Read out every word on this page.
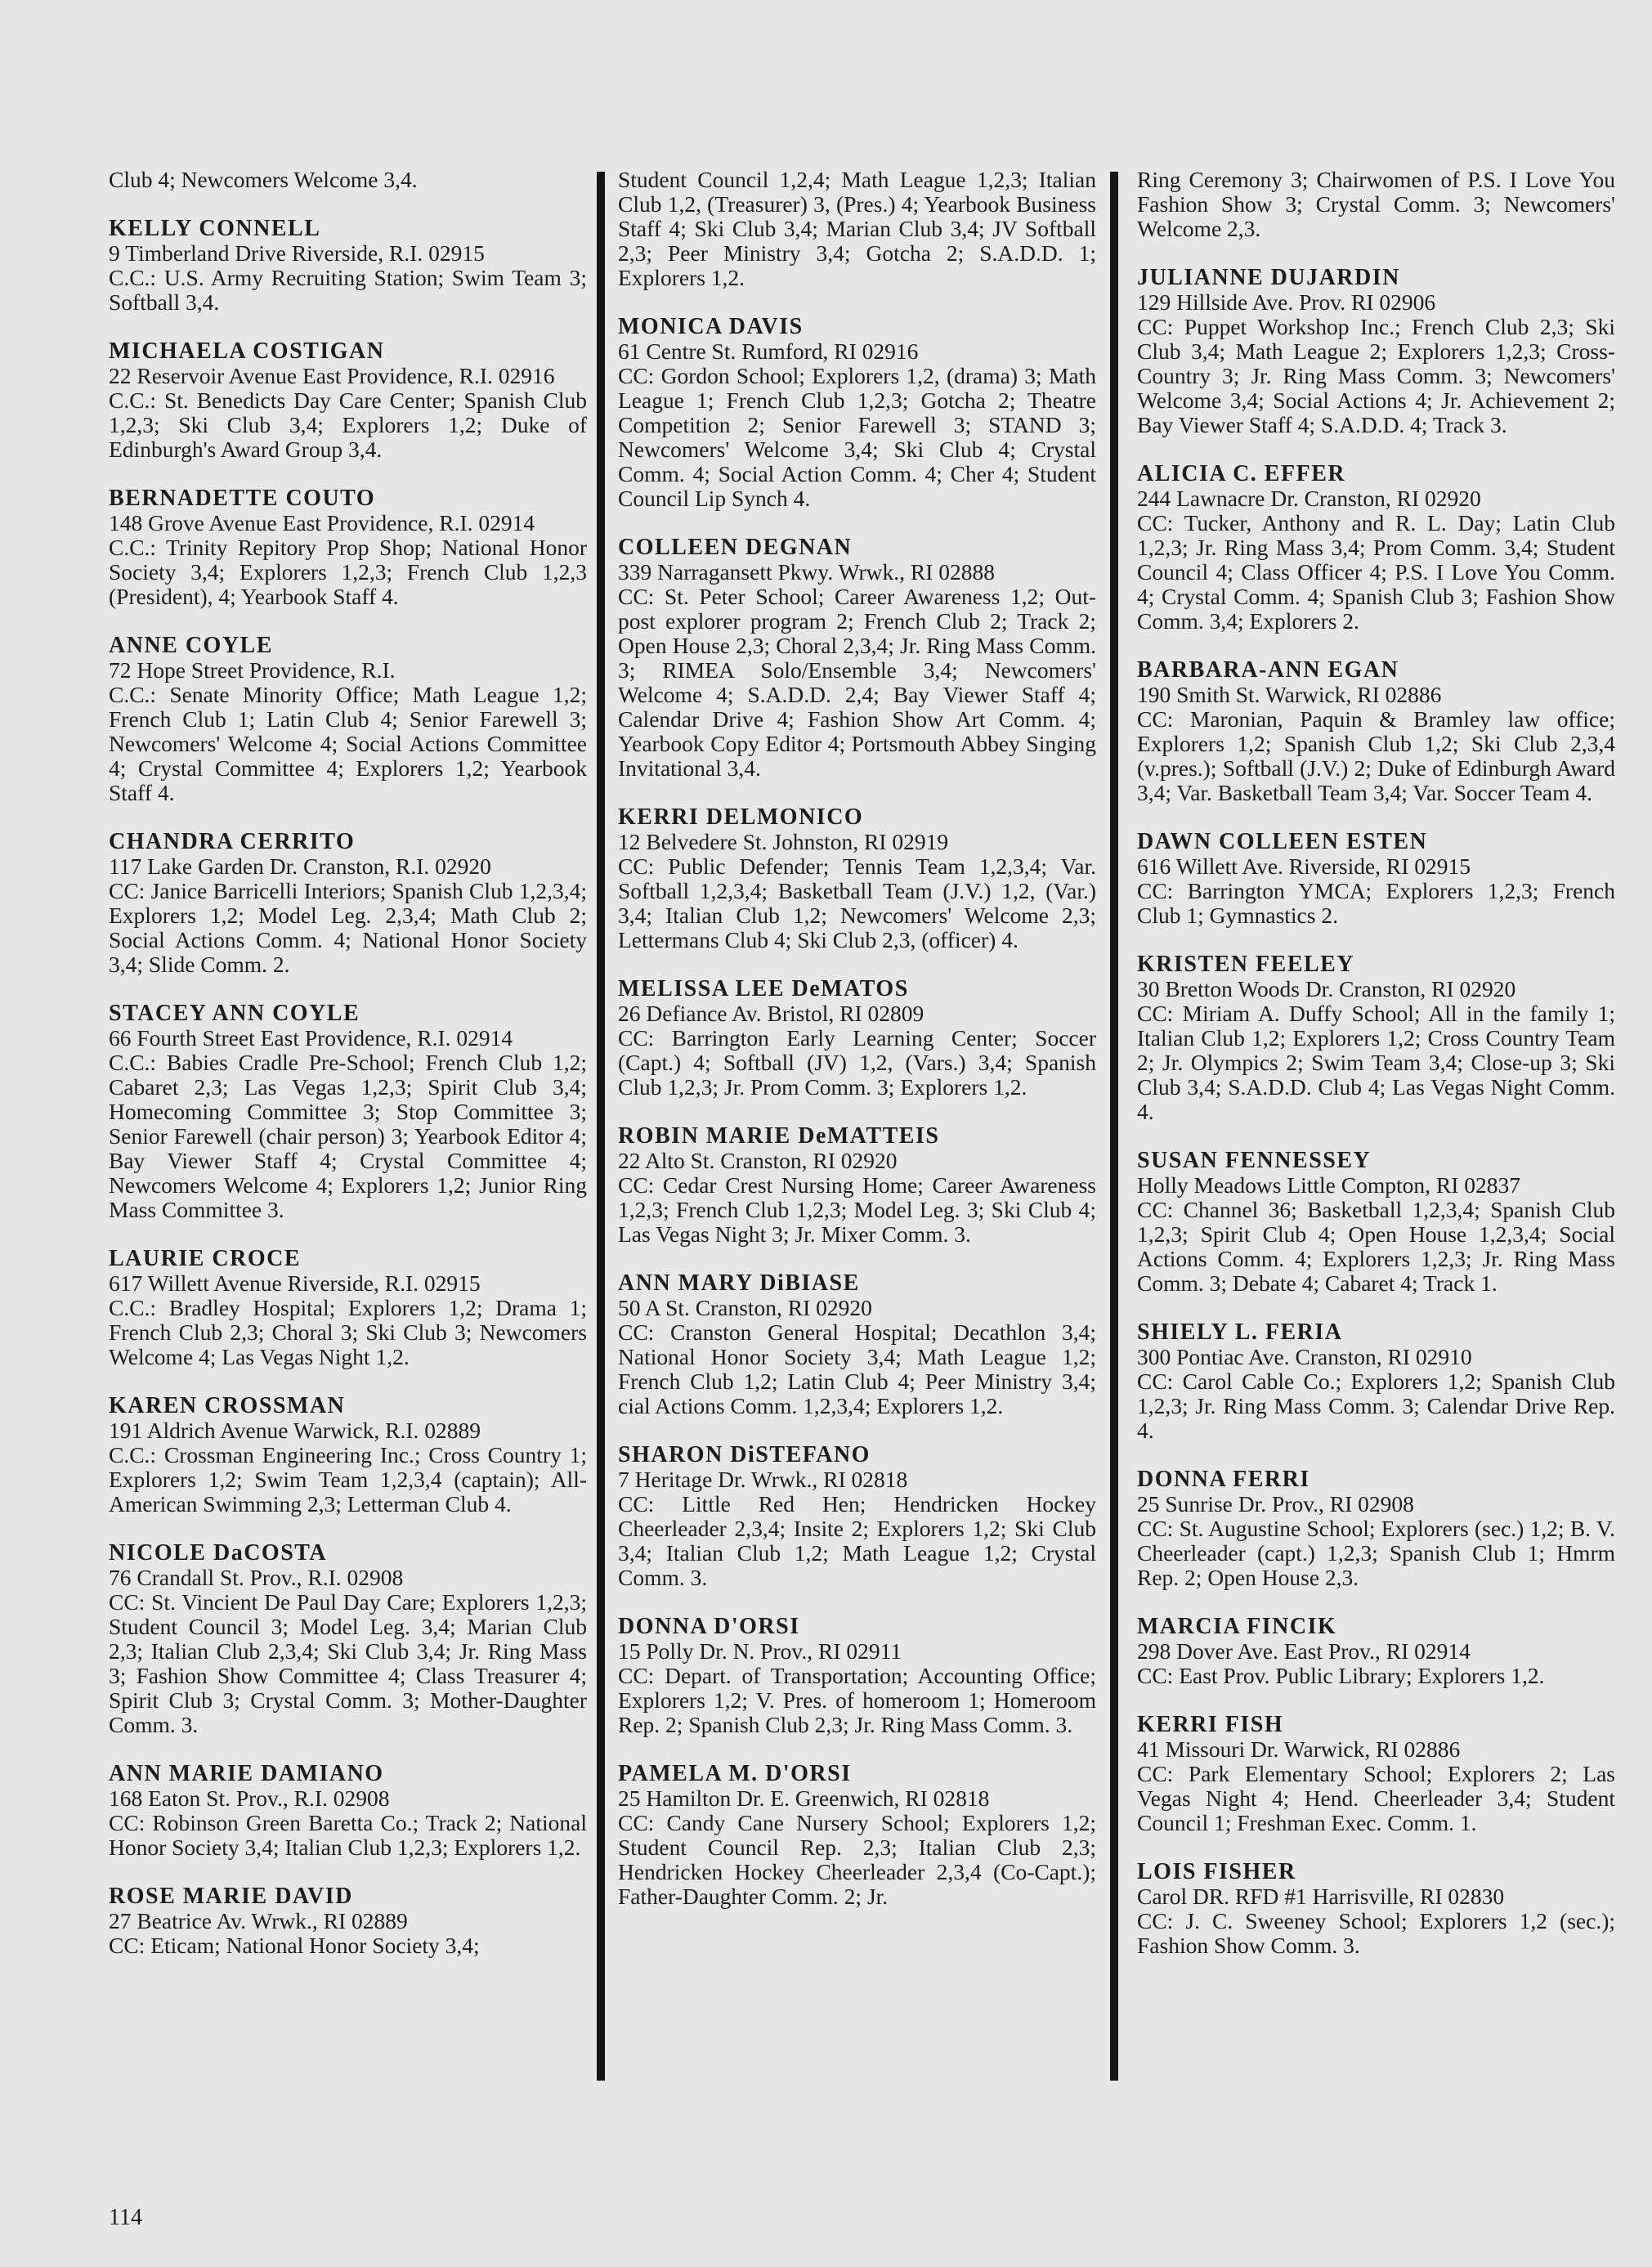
Club 4; Newcomers Welcome 3,4.
KELLY CONNELL
9 Timberland Drive Riverside, R.I. 02915
C.C.: U.S. Army Recruiting Station; Swim Team 3; Softball 3,4.
MICHAELA COSTIGAN
22 Reservoir Avenue East Providence, R.I. 02916
C.C.: St. Benedicts Day Care Center; Spanish Club 1,2,3; Ski Club 3,4; Explorers 1,2; Duke of Edinburgh's Award Group 3,4.
BERNADETTE COUTO
148 Grove Avenue East Providence, R.I. 02914
C.C.: Trinity Repitory Prop Shop; National Honor Society 3,4; Explorers 1,2,3; French Club 1,2,3 (President), 4; Yearbook Staff 4.
ANNE COYLE
72 Hope Street Providence, R.I.
C.C.: Senate Minority Office; Math League 1,2; French Club 1; Latin Club 4; Senior Farewell 3; Newcomers' Welcome 4; Social Actions Committee 4; Crystal Committee 4; Explorers 1,2; Yearbook Staff 4.
CHANDRA CERRITO
117 Lake Garden Dr. Cranston, R.I. 02920
CC: Janice Barricelli Interiors; Spanish Club 1,2,3,4; Explorers 1,2; Model Leg. 2,3,4; Math Club 2; Social Actions Comm. 4; National Honor Society 3,4; Slide Comm. 2.
STACEY ANN COYLE
66 Fourth Street East Providence, R.I. 02914
C.C.: Babies Cradle Pre-School; French Club 1,2; Cabaret 2,3; Las Vegas 1,2,3; Spirit Club 3,4; Homecoming Committee 3; Stop Committee 3; Senior Farewell (chair person) 3; Yearbook Editor 4; Bay Viewer Staff 4; Crystal Committee 4; Newcomers Welcome 4; Explorers 1,2; Junior Ring Mass Committee 3.
LAURIE CROCE
617 Willett Avenue Riverside, R.I. 02915
C.C.: Bradley Hospital; Explorers 1,2; Drama 1; French Club 2,3; Choral 3; Ski Club 3; Newcomers Welcome 4; Las Vegas Night 1,2.
KAREN CROSSMAN
191 Aldrich Avenue Warwick, R.I. 02889
C.C.: Crossman Engineering Inc.; Cross Country 1; Explorers 1,2; Swim Team 1,2,3,4 (captain); All-American Swimming 2,3; Letterman Club 4.
NICOLE DaCOSTA
76 Crandall St. Prov., R.I. 02908
CC: St. Vincient De Paul Day Care; Explorers 1,2,3; Student Council 3; Model Leg. 3,4; Marian Club 2,3; Italian Club 2,3,4; Ski Club 3,4; Jr. Ring Mass 3; Fashion Show Committee 4; Class Treasurer 4; Spirit Club 3; Crystal Comm. 3; Mother-Daughter Comm. 3.
ANN MARIE DAMIANO
168 Eaton St. Prov., R.I. 02908
CC: Robinson Green Baretta Co.; Track 2; National Honor Society 3,4; Italian Club 1,2,3; Explorers 1,2.
ROSE MARIE DAVID
27 Beatrice Av. Wrwk., RI 02889
CC: Eticam; National Honor Society 3,4;
Student Council 1,2,4; Math League 1,2,3; Italian Club 1,2, (Treasurer) 3, (Pres.) 4; Yearbook Business Staff 4; Ski Club 3,4; Marian Club 3,4; JV Softball 2,3; Peer Ministry 3,4; Gotcha 2; S.A.D.D. 1; Explorers 1,2.
MONICA DAVIS
61 Centre St. Rumford, RI 02916
CC: Gordon School; Explorers 1,2, (drama) 3; Math League 1; French Club 1,2,3; Gotcha 2; Theatre Competition 2; Senior Farewell 3; STAND 3; Newcomers' Welcome 3,4; Ski Club 4; Crystal Comm. 4; Social Action Comm. 4; Cher 4; Student Council Lip Synch 4.
COLLEEN DEGNAN
339 Narragansett Pkwy. Wrwk., RI 02888
CC: St. Peter School; Career Awareness 1,2; Out-post explorer program 2; French Club 2; Track 2; Open House 2,3; Choral 2,3,4; Jr. Ring Mass Comm. 3; RIMEA Solo/Ensemble 3,4; Newcomers' Welcome 4; S.A.D.D. 2,4; Bay Viewer Staff 4; Calendar Drive 4; Fashion Show Art Comm. 4; Yearbook Copy Editor 4; Portsmouth Abbey Singing Invitational 3,4.
KERRI DELMONICO
12 Belvedere St. Johnston, RI 02919
CC: Public Defender; Tennis Team 1,2,3,4; Var. Softball 1,2,3,4; Basketball Team (J.V.) 1,2, (Var.) 3,4; Italian Club 1,2; Newcomers' Welcome 2,3; Lettermans Club 4; Ski Club 2,3, (officer) 4.
MELISSA LEE DeMATOS
26 Defiance Av. Bristol, RI 02809
CC: Barrington Early Learning Center; Soccer (Capt.) 4; Softball (JV) 1,2, (Vars.) 3,4; Spanish Club 1,2,3; Jr. Prom Comm. 3; Explorers 1,2.
ROBIN MARIE DeMATTEIS
22 Alto St. Cranston, RI 02920
CC: Cedar Crest Nursing Home; Career Awareness 1,2,3; French Club 1,2,3; Model Leg. 3; Ski Club 4; Las Vegas Night 3; Jr. Mixer Comm. 3.
ANN MARY DiBIASE
50 A St. Cranston, RI 02920
CC: Cranston General Hospital; Decathlon 3,4; National Honor Society 3,4; Math League 1,2; French Club 1,2; Latin Club 4; Peer Ministry 3,4; cial Actions Comm. 1,2,3,4; Explorers 1,2.
SHARON DiSTEFANO
7 Heritage Dr. Wrwk., RI 02818
CC: Little Red Hen; Hendricken Hockey Cheerleader 2,3,4; Insite 2; Explorers 1,2; Ski Club 3,4; Italian Club 1,2; Math League 1,2; Crystal Comm. 3.
DONNA D'ORSI
15 Polly Dr. N. Prov., RI 02911
CC: Depart. of Transportation; Accounting Office; Explorers 1,2; V. Pres. of homeroom 1; Homeroom Rep. 2; Spanish Club 2,3; Jr. Ring Mass Comm. 3.
PAMELA M. D'ORSI
25 Hamilton Dr. E. Greenwich, RI 02818
CC: Candy Cane Nursery School; Explorers 1,2; Student Council Rep. 2,3; Italian Club 2,3; Hendricken Hockey Cheerleader 2,3,4 (Co-Capt.); Father-Daughter Comm. 2; Jr.
Ring Ceremony 3; Chairwomen of P.S. I Love You Fashion Show 3; Crystal Comm. 3; Newcomers' Welcome 2,3.
JULIANNE DUJARDIN
129 Hillside Ave. Prov. RI 02906
CC: Puppet Workshop Inc.; French Club 2,3; Ski Club 3,4; Math League 2; Explorers 1,2,3; Cross-Country 3; Jr. Ring Mass Comm. 3; Newcomers' Welcome 3,4; Social Actions 4; Jr. Achievement 2; Bay Viewer Staff 4; S.A.D.D. 4; Track 3.
ALICIA C. EFFER
244 Lawnacre Dr. Cranston, RI 02920
CC: Tucker, Anthony and R. L. Day; Latin Club 1,2,3; Jr. Ring Mass 3,4; Prom Comm. 3,4; Student Council 4; Class Officer 4; P.S. I Love You Comm. 4; Crystal Comm. 4; Spanish Club 3; Fashion Show Comm. 3,4; Explorers 2.
BARBARA-ANN EGAN
190 Smith St. Warwick, RI 02886
CC: Maronian, Paquin & Bramley law office; Explorers 1,2; Spanish Club 1,2; Ski Club 2,3,4 (v.pres.); Softball (J.V.) 2; Duke of Edinburgh Award 3,4; Var. Basketball Team 3,4; Var. Soccer Team 4.
DAWN COLLEEN ESTEN
616 Willett Ave. Riverside, RI 02915
CC: Barrington YMCA; Explorers 1,2,3; French Club 1; Gymnastics 2.
KRISTEN FEELEY
30 Bretton Woods Dr. Cranston, RI 02920
CC: Miriam A. Duffy School; All in the family 1; Italian Club 1,2; Explorers 1,2; Cross Country Team 2; Jr. Olympics 2; Swim Team 3,4; Close-up 3; Ski Club 3,4; S.A.D.D. Club 4; Las Vegas Night Comm. 4.
SUSAN FENNESSEY
Holly Meadows Little Compton, RI 02837
CC: Channel 36; Basketball 1,2,3,4; Spanish Club 1,2,3; Spirit Club 4; Open House 1,2,3,4; Social Actions Comm. 4; Explorers 1,2,3; Jr. Ring Mass Comm. 3; Debate 4; Cabaret 4; Track 1.
SHIELY L. FERIA
300 Pontiac Ave. Cranston, RI 02910
CC: Carol Cable Co.; Explorers 1,2; Spanish Club 1,2,3; Jr. Ring Mass Comm. 3; Calendar Drive Rep. 4.
DONNA FERRI
25 Sunrise Dr. Prov., RI 02908
CC: St. Augustine School; Explorers (sec.) 1,2; B. V. Cheerleader (capt.) 1,2,3; Spanish Club 1; Hmrm Rep. 2; Open House 2,3.
MARCIA FINCIK
298 Dover Ave. East Prov., RI 02914
CC: East Prov. Public Library; Explorers 1,2.
KERRI FISH
41 Missouri Dr. Warwick, RI 02886
CC: Park Elementary School; Explorers 2; Las Vegas Night 4; Hend. Cheerleader 3,4; Student Council 1; Freshman Exec. Comm. 1.
LOIS FISHER
Carol DR. RFD #1 Harrisville, RI 02830
CC: J. C. Sweeney School; Explorers 1,2 (sec.); Fashion Show Comm. 3.
114
